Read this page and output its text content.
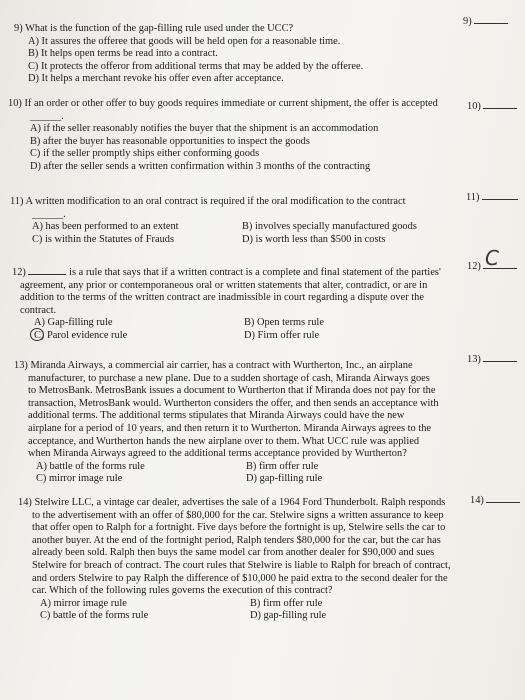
9) What is the function of the gap-filling rule used under the UCC?
A) It assures the offeree that goods will be held open for a reasonable time.
B) It helps open terms be read into a contract.
C) It protects the offeror from additional terms that may be added by the offeree.
D) It helps a merchant revoke his offer even after acceptance.
9)
10) If an order or other offer to buy goods requires immediate or current shipment, the offer is accepted
______.
A) if the seller reasonably notifies the buyer that the shipment is an accommodation
B) after the buyer has reasonable opportunities to inspect the goods
C) if the seller promptly ships either conforming goods
D) after the seller sends a written confirmation within 3 months of the contracting
10)
11) A written modification to an oral contract is required if the oral modification to the contract
______.
A) has been performed to an extent	B) involves specially manufactured goods
C) is within the Statutes of Frauds	D) is worth less than $500 in costs
11)
12)	is a rule that says that if a written contract is a complete and final statement of the parties'
agreement, any prior or contemporaneous oral or written statements that alter, contradict, or are in
addition to the terms of the written contract are inadmissible in court regarding a dispute over the
contract.
A) Gap-filling rule	B) Open terms rule
C) Parol evidence rule	D) Firm offer rule
12) C
13) Miranda Airways, a commercial air carrier, has a contract with Wurtherton, Inc., an airplane
manufacturer, to purchase a new plane. Due to a sudden shortage of cash, Miranda Airways goes
to MetrosBank. MetrosBank issues a document to Wurtherton that if Miranda does not pay for the
transaction, MetrosBank would. Wurtherton considers the offer, and then sends an acceptance with
additional terms. The additional terms stipulates that Miranda Airways could have the new
airplane for a period of 10 years, and then return it to Wurtherton. Miranda Airways agrees to the
acceptance, and Wurtherton hands the new airplane over to them. What UCC rule was applied
when Miranda Airways agreed to the additional terms acceptance provided by Wurtherton?
A) battle of the forms rule	B) firm offer rule
C) mirror image rule	D) gap-filling rule
13)
14) Stelwire LLC, a vintage car dealer, advertises the sale of a 1964 Ford Thunderbolt. Ralph responds
to the advertisement with an offer of $80,000 for the car. Stelwire signs a written assurance to keep
that offer open to Ralph for a fortnight. Five days before the fortnight is up, Stelwire sells the car to
another buyer. At the end of the fortnight period, Ralph tenders $80,000 for the car, but the car has
already been sold. Ralph then buys the same model car from another dealer for $90,000 and sues
Stelwire for breach of contract. The court rules that Stelwire is liable to Ralph for breach of contract,
and orders Stelwire to pay Ralph the difference of $10,000 he paid extra to the second dealer for the
car. Which of the following rules governs the execution of this contract?
A) mirror image rule	B) firm offer rule
C) battle of the forms rule	D) gap-filling rule
14)
